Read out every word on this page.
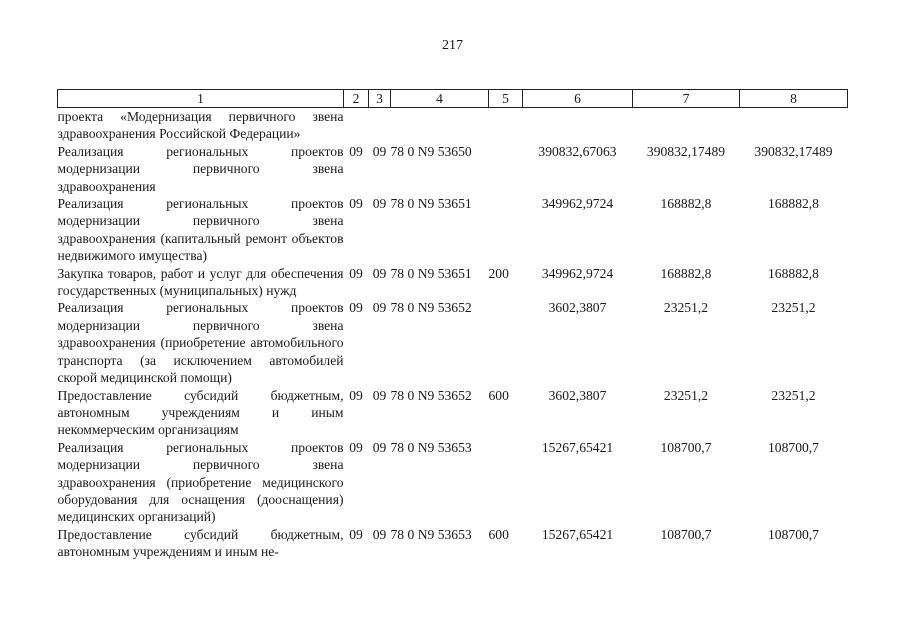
217
1	2	3	4	5	6	7	8
проекта «Модернизация первичного звена здравоохранения Российской Федерации»							
Реализация региональных проектов модернизации первичного звена здравоохранения	09	09	78 0 N9 53650		390832,67063	390832,17489	390832,17489
Реализация региональных проектов модернизации первичного звена здравоохранения (капитальный ремонт объектов недвижимого имущества)	09	09	78 0 N9 53651		349962,9724	168882,8	168882,8
Закупка товаров, работ и услуг для обеспечения государственных (муниципальных) нужд	09	09	78 0 N9 53651	200	349962,9724	168882,8	168882,8
Реализация региональных проектов модернизации первичного звена здравоохранения (приобретение автомобильного транспорта (за исключением автомобилей скорой медицинской помощи)	09	09	78 0 N9 53652		3602,3807	23251,2	23251,2
Предоставление субсидий бюджетным, автономным учреждениям и иным некоммерческим организациям	09	09	78 0 N9 53652	600	3602,3807	23251,2	23251,2
Реализация региональных проектов модернизации первичного звена здравоохранения (приобретение медицинского оборудования для оснащения (дооснащения) медицинских организаций)	09	09	78 0 N9 53653		15267,65421	108700,7	108700,7
Предоставление субсидий бюджетным, автономным учреждениям и иным не-	09	09	78 0 N9 53653	600	15267,65421	108700,7	108700,7
